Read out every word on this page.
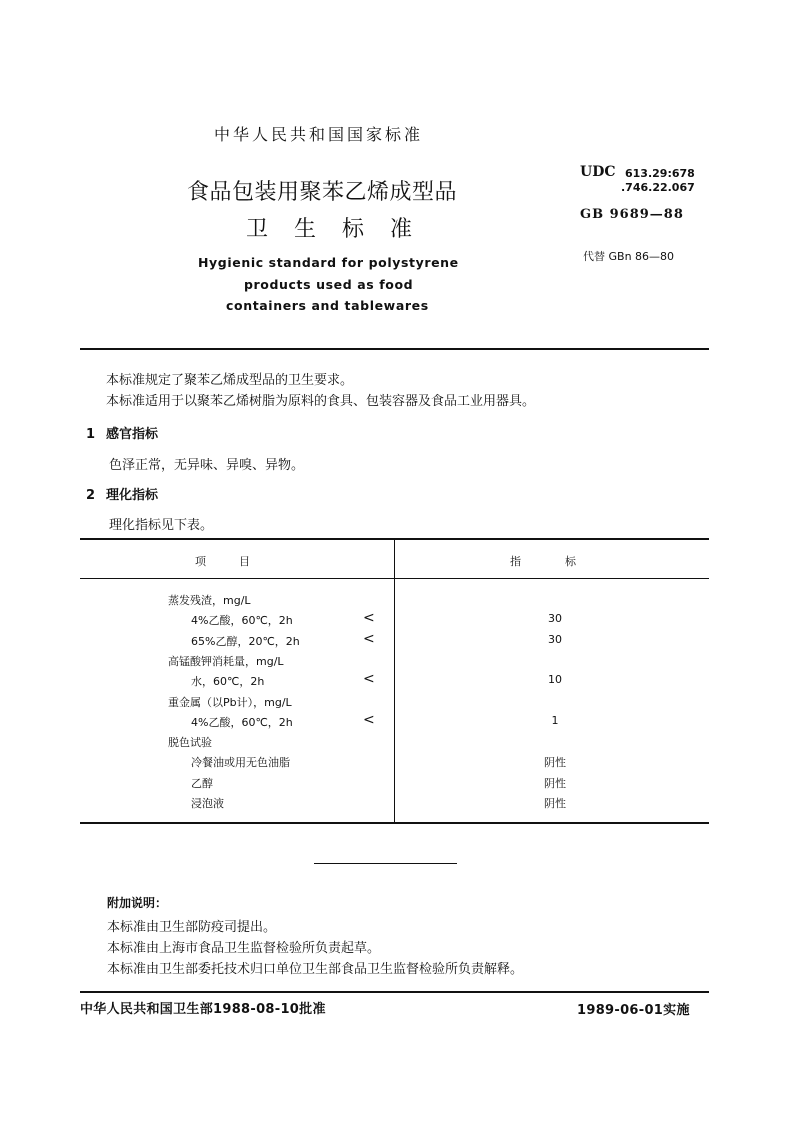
中华人民共和国国家标准
食品包装用聚苯乙烯成型品
卫生标准
Hygienic standard for polystyrene
products used as food
containers and tablewares
UDC 613.29:678
.746.22.067
GB 9689—88
代替 GBn 86—80
本标准规定了聚苯乙烯成型品的卫生要求。
本标准适用于以聚苯乙烯树脂为原料的食具、包装容器及食品工业用器具。
1 感官指标
色泽正常，无异味、异嗅、异物。
2 理化指标
理化指标见下表。
项　　　目	指　　　　标
蒸发残渣，mg/L
4%乙酸，60℃，2h	<	30
65%乙醇，20℃，2h	<	30
高锰酸钾消耗量，mg/L
水，60℃，2h	<	10
重金属（以Pb计），mg/L
4%乙酸，60℃，2h	<	1
脱色试验
冷餐油或用无色油脂	阴性
乙醇	阴性
浸泡液	阴性
附加说明：
本标准由卫生部防疫司提出。
本标准由上海市食品卫生监督检验所负责起草。
本标准由卫生部委托技术归口单位卫生部食品卫生监督检验所负责解释。
中华人民共和国卫生部1988-08-10批准	1989-06-01实施
